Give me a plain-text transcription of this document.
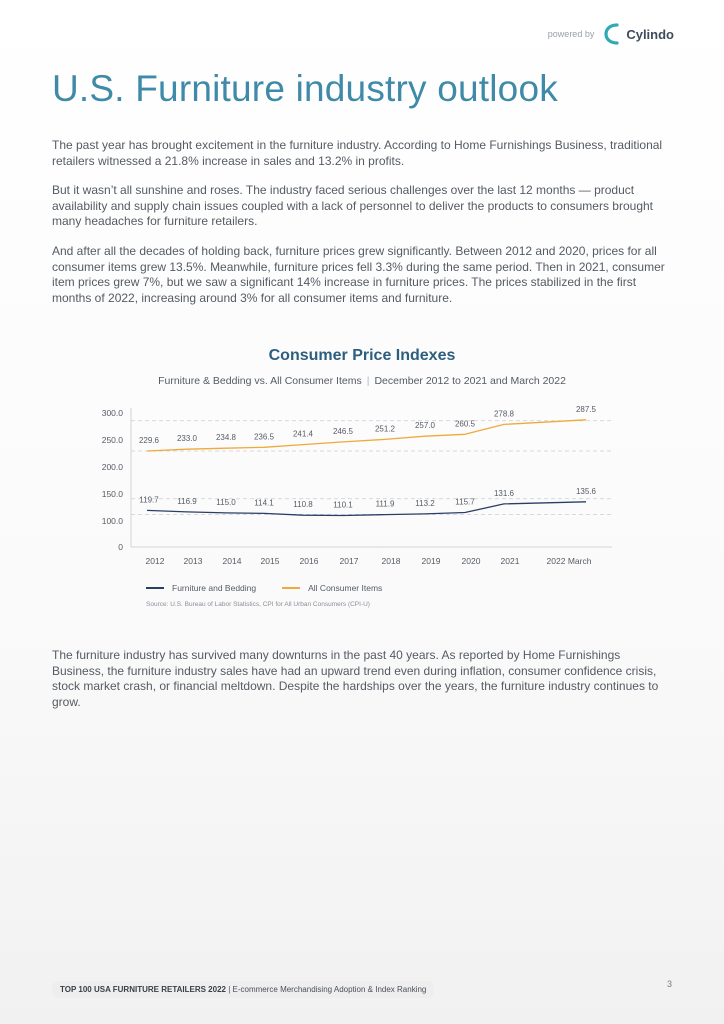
powered by Cylindo
U.S. Furniture industry outlook

The past year has brought excitement in the furniture industry. According to Home Furnishings Business, traditional retailers witnessed a 21.8% increase in sales and 13.2% in profits.

But it wasn’t all sunshine and roses. The industry faced serious challenges over the last 12 months — product availability and supply chain issues coupled with a lack of personnel to deliver the products to consumers brought many headaches for furniture retailers.

And after all the decades of holding back, furniture prices grew significantly. Between 2012 and 2020, prices for all consumer items grew 13.5%. Meanwhile, furniture prices fell 3.3% during the same period. Then in 2021, consumer item prices grew 7%, but we saw a significant 14% increase in furniture prices. The prices stabilized in the first months of 2022, increasing around 3% for all consumer items and furniture.

Consumer Price Indexes
Furniture & Bedding vs. All Consumer Items | December 2012 to 2021 and March 2022
0
100.0
150.0
200.0
250.0
300.0
2012 2013 2014 2015 2016 2017	2018 2019 2020 2021	2022 March
119.7 116.9 115.0 114.1 110.8	110.1	111.9	113.2	115.7
131.6	135.6
229.6 233.0 234.8 236.5 241.4 246.5	251.2 257.0 260.5
278.8
287.5
Furniture and Bedding	All Consumer Items
Source: U.S. Bureau of Labor Statistics, CPI for All Urban Consumers (CPI-U)

The furniture industry has survived many downturns in the past 40 years. As reported by Home Furnishings Business, the furniture industry sales have had an upward trend even during inflation, consumer confidence crisis, stock market crash, or financial meltdown. Despite the hardships over the years, the furniture industry continues to grow.

TOP 100 USA FURNITURE RETAILERS 2022 | E-commerce Merchandising Adoption & Index Ranking
3
